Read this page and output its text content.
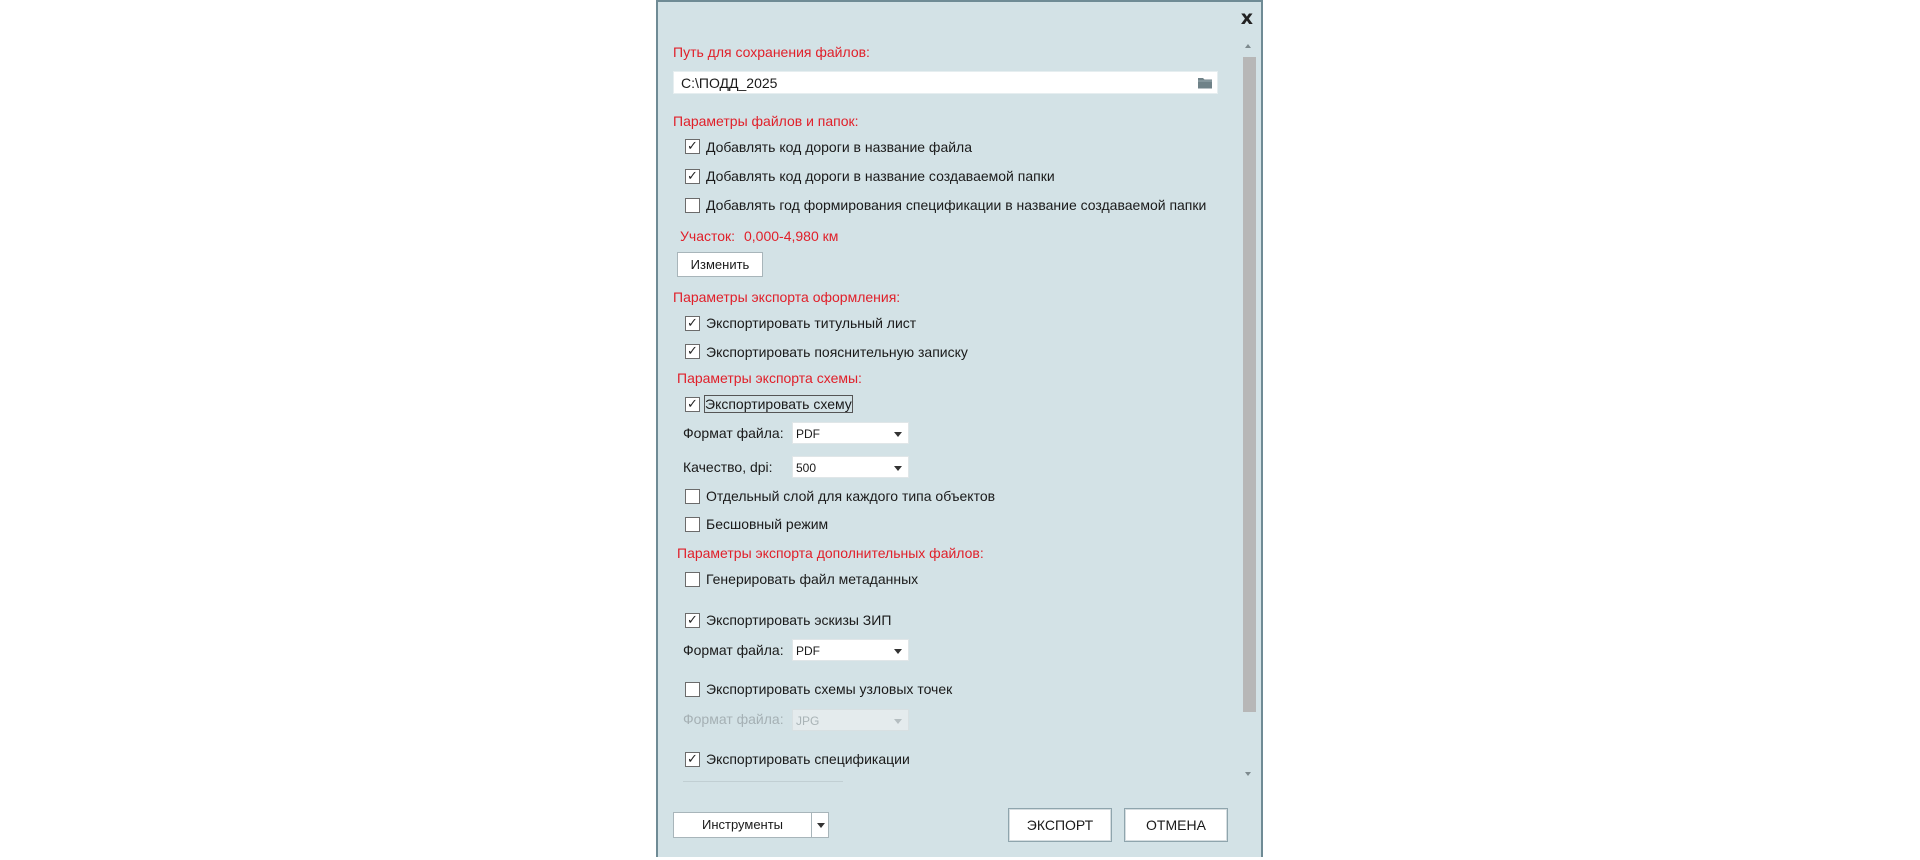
x
Путь для сохранения файлов:
C:\ПОДД_2025
Параметры файлов и папок:
✓ Добавлять код дороги в название файла
✓ Добавлять код дороги в название создаваемой папки
Добавлять год формирования спецификации в название создаваемой папки
Участок: 0,000-4,980 км
Изменить
Параметры экспорта оформления:
✓ Экспортировать титульный лист
✓ Экспортировать пояснительную записку
Параметры экспорта схемы:
✓ Экспортировать схему
Формат файла: PDF
Качество, dpi: 500
Отдельный слой для каждого типа объектов
Бесшовный режим
Параметры экспорта дополнительных файлов:
Генерировать файл метаданных
✓ Экспортировать эскизы ЗИП
Формат файла: PDF
Экспортировать схемы узловых точек
Формат файла: JPG
✓ Экспортировать спецификации
Инструменты	ЭКСПОРТ	ОТМЕНА
